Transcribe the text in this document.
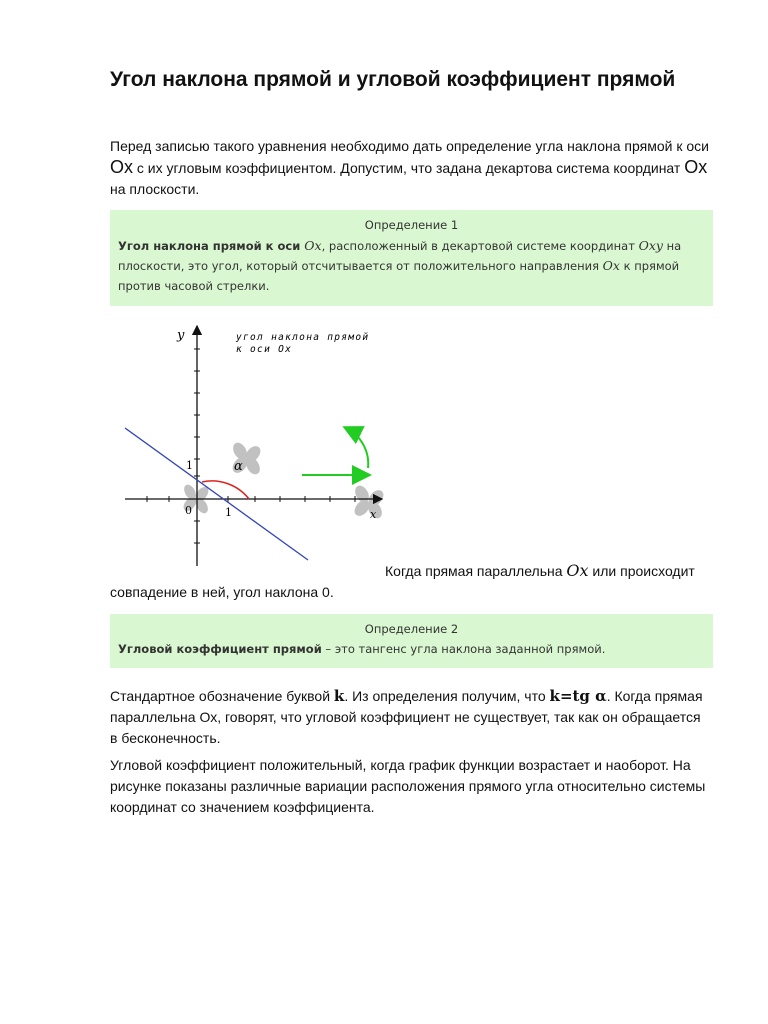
Угол наклона прямой и угловой коэффициент прямой

Перед записью такого уравнения необходимо дать определение угла наклона прямой к оси Ox с их угловым коэффициентом. Допустим, что задана декартова система координат Ox на плоскости.

Определение 1
Угол наклона прямой к оси Ox, расположенный в декартовой системе координат Oxy на плоскости, это угол, который отсчитывается от положительного направления Ox к прямой против часовой стрелки.
y
x
0	1
1	α
угол наклона прямой
к оси Ox

Когда прямая параллельна Ox или происходит совпадение в ней, угол наклона 0.

Определение 2
Угловой коэффициент прямой – это тангенс угла наклона заданной прямой.

Стандартное обозначение буквой k. Из определения получим, что k=tg α. Когда прямая параллельна Ох, говорят, что угловой коэффициент не существует, так как он обращается в бесконечность.

Угловой коэффициент положительный, когда график функции возрастает и наоборот. На рисунке показаны различные вариации расположения прямого угла относительно системы координат со значением коэффициента.
